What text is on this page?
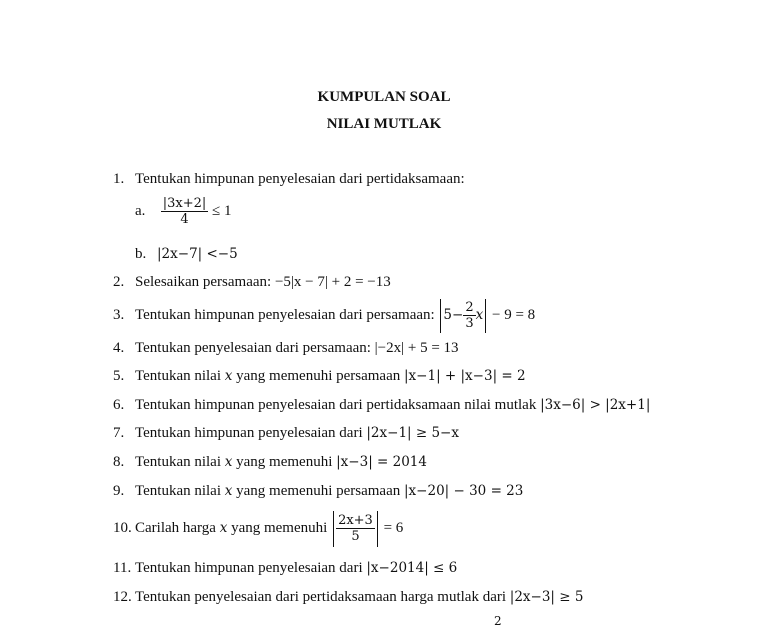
KUMPULAN SOAL
NILAI MUTLAK
1. Tentukan himpunan penyelesaian dari pertidaksamaan:
a. $\frac{|3x+2|}{4} \le 1$
b. |2x−7| <−5
2. Selesaikan persamaan: −5|x − 7| + 2 = −13
3. Tentukan himpunan penyelesaian dari persamaan: $5- \frac{2}{3}$ x − 9 = 8
4. Tentukan penyelesaian dari persamaan: |−2x| + 5 = 13
5. Tentukan nilai x yang memenuhi persamaan |x−1| + |x−3| = 2
6. Tentukan himpunan penyelesaian dari pertidaksamaan nilai mutlak |3x−6| > |2x+1|
7. Tentukan himpunan penyelesaian dari |2x−1| ≥ 5−x
8. Tentukan nilai x yang memenuhi |x−3| = 2014
9. Tentukan nilai x yang memenuhi persamaan |x−20| − 30 = 23
10. Carilah harga x yang memenuhi $\frac{2x+3}{5} = 6$
11. Tentukan himpunan penyelesaian dari |x−2014| ≤ 6
12. Tentukan penyelesaian dari pertidaksamaan harga mutlak dari |2x−3| ≥ 5
2
